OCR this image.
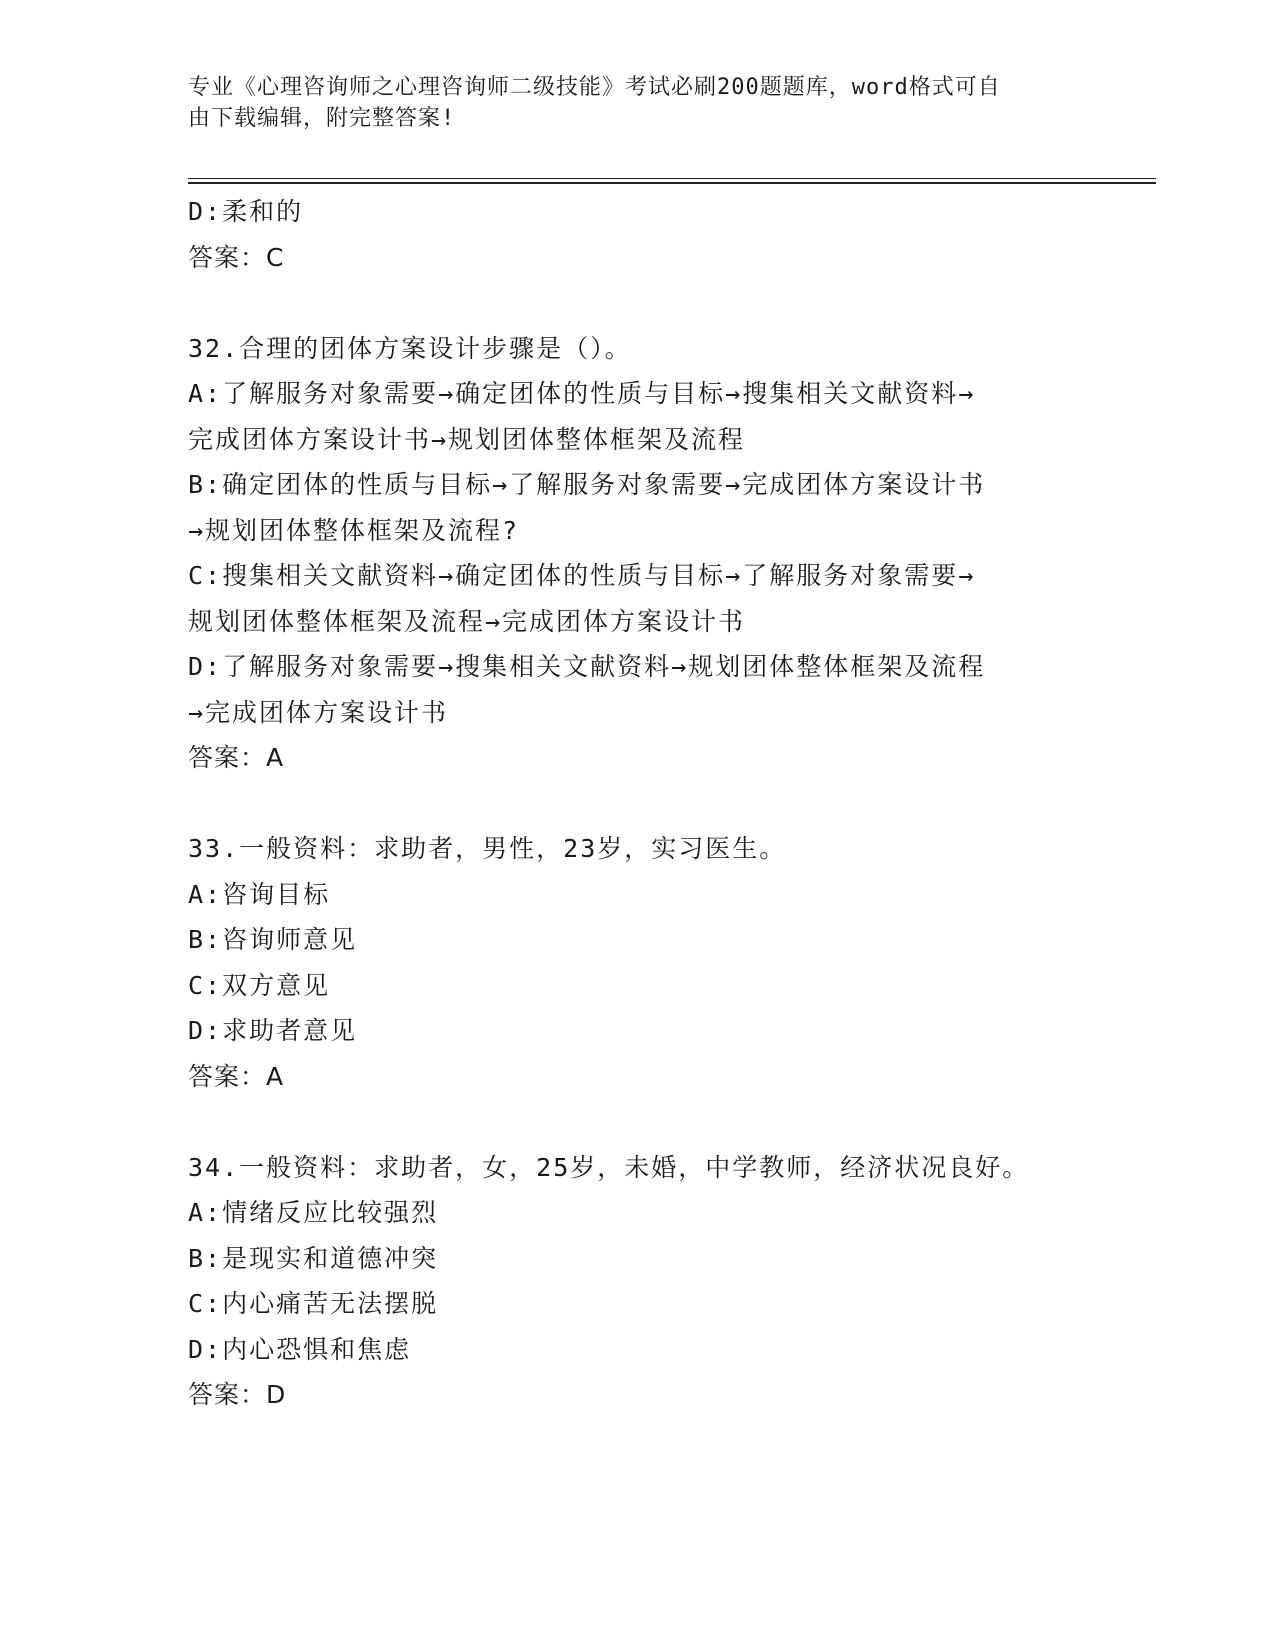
专业《心理咨询师之心理咨询师二级技能》考试必刷200题题库，word格式可自
由下载编辑，附完整答案!
D:柔和的
答案：C
32.合理的团体方案设计步骤是（）。
A:了解服务对象需要→确定团体的性质与目标→搜集相关文献资料→
完成团体方案设计书→规划团体整体框架及流程
B:确定团体的性质与目标→了解服务对象需要→完成团体方案设计书
→规划团体整体框架及流程?
C:搜集相关文献资料→确定团体的性质与目标→了解服务对象需要→
规划团体整体框架及流程→完成团体方案设计书
D:了解服务对象需要→搜集相关文献资料→规划团体整体框架及流程
→完成团体方案设计书
答案：A
33.一般资料：求助者，男性，23岁，实习医生。
A:咨询目标
B:咨询师意见
C:双方意见
D:求助者意见
答案：A
34.一般资料：求助者，女，25岁，未婚，中学教师，经济状况良好。
A:情绪反应比较强烈
B:是现实和道德冲突
C:内心痛苦无法摆脱
D:内心恐惧和焦虑
答案：D
